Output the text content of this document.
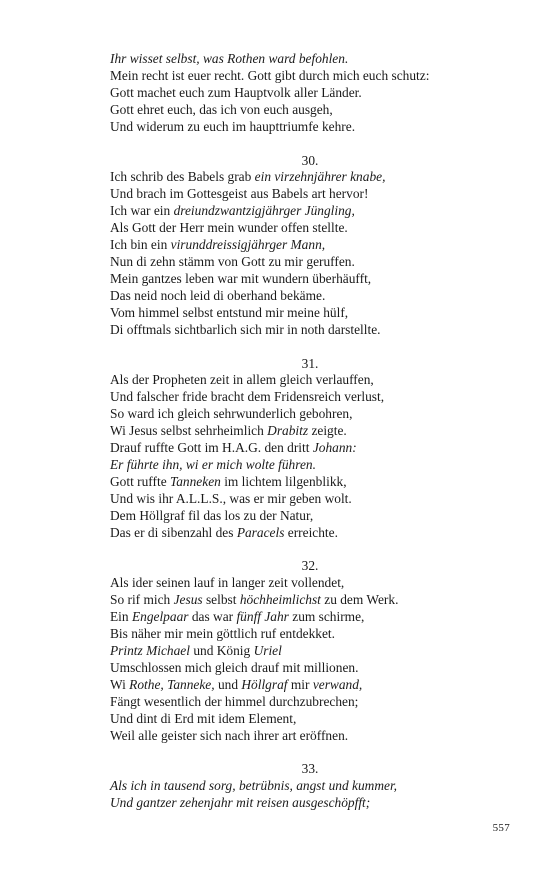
Ihr wisset selbst, was Rothen ward befohlen.
Mein recht ist euer recht. Gott gibt durch mich euch schutz:
Gott machet euch zum Hauptvolk aller Länder.
Gott ehret euch, das ich von euch ausgeh,
Und widerum zu euch im haupttriumfe kehre.
30.
Ich schrib des Babels grab ein virzehnjährer knabe,
Und brach im Gottesgeist aus Babels art hervor!
Ich war ein dreiundzwantzigjährger Jüngling,
Als Gott der Herr mein wunder offen stellte.
Ich bin ein virunddreissigjährger Mann,
Nun di zehn stämm von Gott zu mir geruffen.
Mein gantzes leben war mit wundern überhäufft,
Das neid noch leid di oberhand bekäme.
Vom himmel selbst entstund mir meine hülf,
Di offtmals sichtbarlich sich mir in noth darstellte.
31.
Als der Propheten zeit in allem gleich verlauffen,
Und falscher fride bracht dem Fridensreich verlust,
So ward ich gleich sehrwunderlich gebohren,
Wi Jesus selbst sehrheimlich Drabitz zeigte.
Drauf ruffte Gott im H.A.G. den dritt Johann:
Er führte ihn, wi er mich wolte führen.
Gott ruffte Tanneken im lichtem lilgenblikk,
Und wis ihr A.L.L.S., was er mir geben wolt.
Dem Höllgraf fil das los zu der Natur,
Das er di sibenzahl des Paracels erreichte.
32.
Als ider seinen lauf in langer zeit vollendet,
So rif mich Jesus selbst höchheimlichst zu dem Werk.
Ein Engelpaar das war fünff Jahr zum schirme,
Bis näher mir mein göttlich ruf entdekket.
Printz Michael und König Uriel
Umschlossen mich gleich drauf mit millionen.
Wi Rothe, Tanneke, und Höllgraf mir verwand,
Fängt wesentlich der himmel durchzubrechen;
Und dint di Erd mit idem Element,
Weil alle geister sich nach ihrer art eröffnen.
33.
Als ich in tausend sorg, betrübnis, angst und kummer,
Und gantzer zehenjahr mit reisen ausgeschöpfft;
557
